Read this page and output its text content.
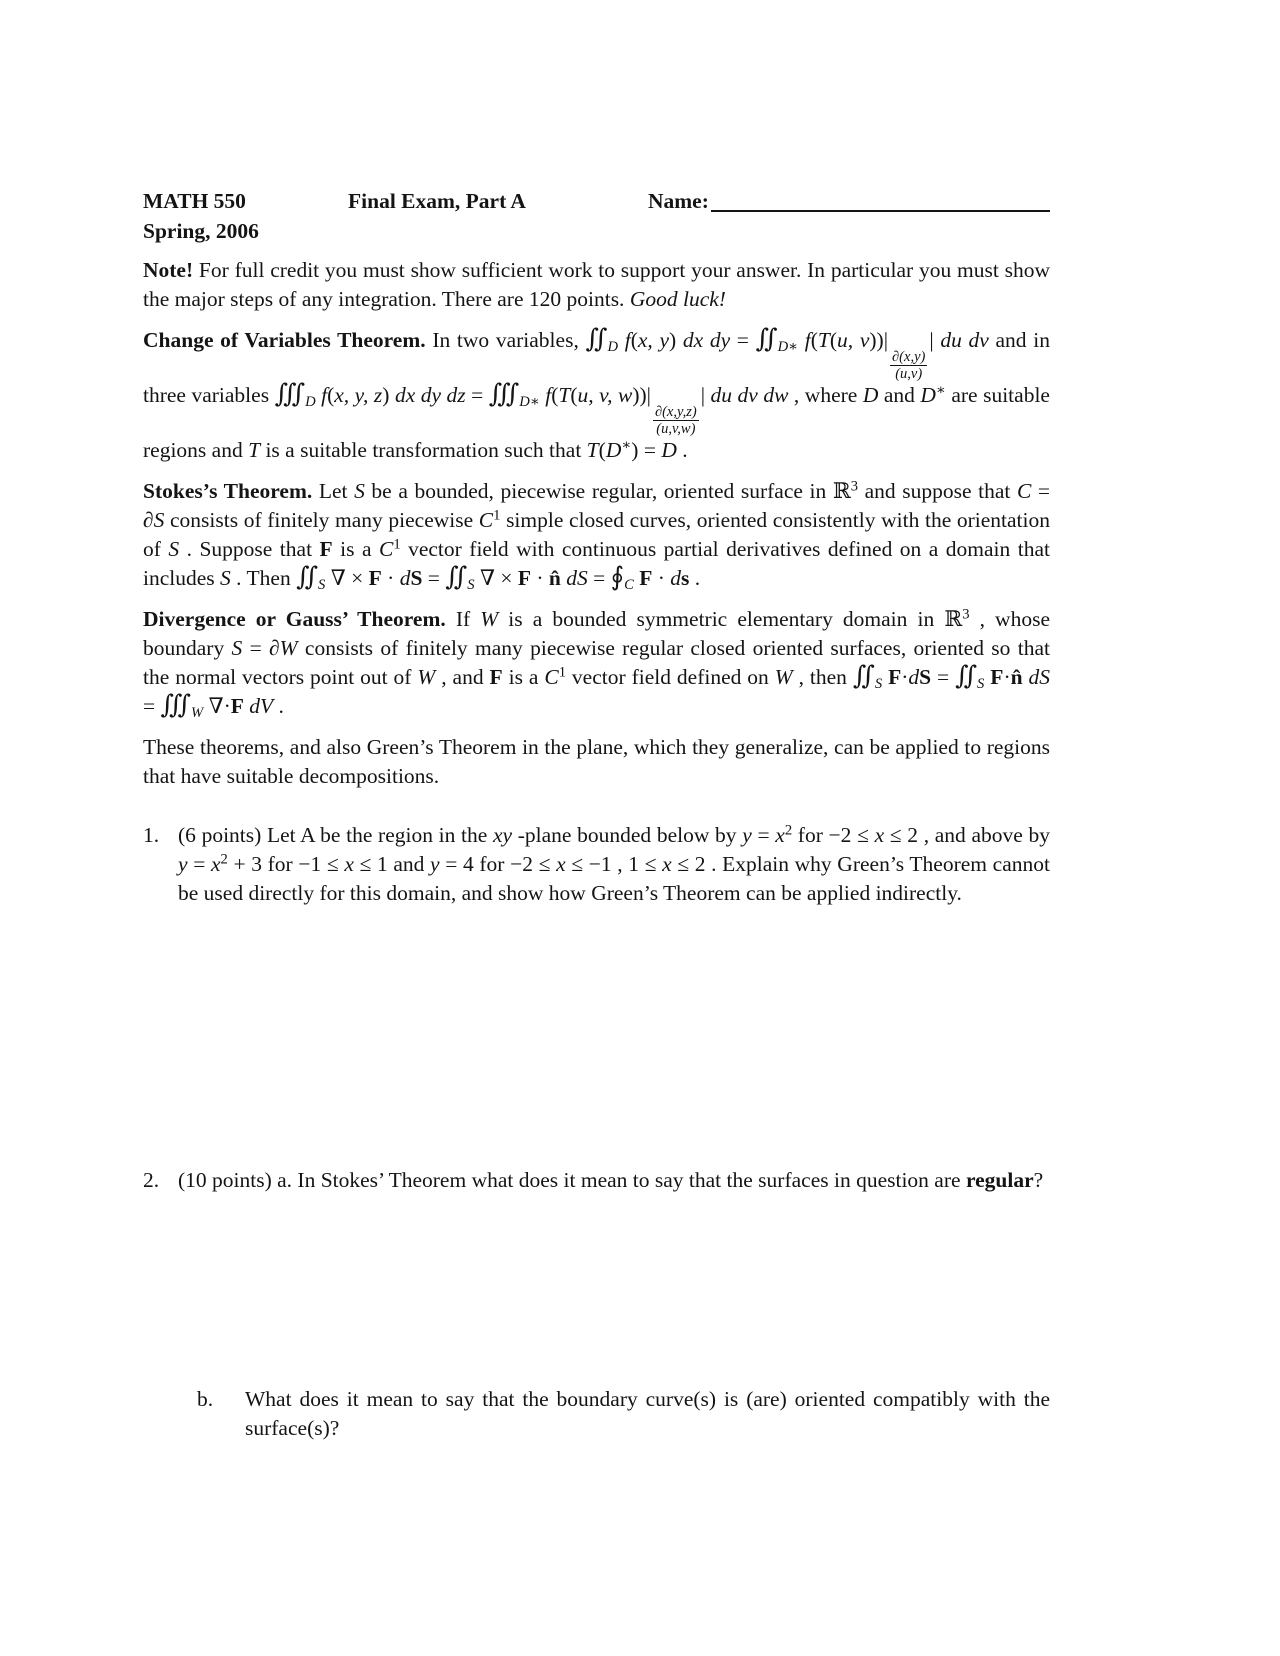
MATH 550	Final Exam, Part A	Name:
Spring, 2006

Note! For full credit you must show sufficient work to support your answer. In particular you must show the major steps of any integration. There are 120 points. Good luck!

Change of Variables Theorem. In two variables, $∬_D$ f(x, y) dx dy = $∬_{D∗}$ f(T(u, v))|
$\frac{\partial(x,y)}{(u,v)}$
| du dv and in three variables $∭_D$ f(x, y, z) dx dy dz = $∭_{D∗}$ f(T(u, v, w))|
$\frac{\partial(x,y,z)}{(u,v,w)}$
| du dv dw , where D and D∗ are suitable regions and T is a suitable transformation such that T(D∗) = D .

Stokes’s Theorem. Let S be a bounded, piecewise regular, oriented surface in ℝ$^3$ and suppose that C = ∂S consists of finitely many piecewise $C^1$ simple closed curves, oriented consistently with the orientation of S . Suppose that F is a $C^1$ vector field with continuous partial derivatives defined on a domain that includes S . Then $∬_S$ ∇ × F · dS = $∬_S$ ∇ × F · n̂ dS = $∮_C$ F · ds .

Divergence or Gauss’ Theorem. If W is a bounded symmetric elementary domain in ℝ$^3$ , whose boundary S = ∂W consists of finitely many piecewise regular closed oriented surfaces, oriented so that the normal vectors point out of W , and F is a $C^1$ vector field defined on W , then $∬_S$ $F\cdot dS = ∬_S$ F·n̂ dS = $∭_W$ ∇·F dV .

These theorems, and also Green’s Theorem in the plane, which they generalize, can be applied to regions that have suitable decompositions.

1. (6 points) Let A be the region in the xy -plane bounded below by $y = x^2$ for −2 ≤ x ≤ 2 , and above by $y = x^2 + 3$ for −1 ≤ x ≤ 1 and y = 4 for −2 ≤ x ≤ −1 , 1 ≤ x ≤ 2 . Explain why Green’s Theorem cannot be used directly for this domain, and show how Green’s Theorem can be applied indirectly.
2. (10 points) a. In Stokes’ Theorem what does it mean to say that the surfaces in question are regular?
b. What does it mean to say that the boundary curve(s) is (are) oriented compatibly with the surface(s)?
